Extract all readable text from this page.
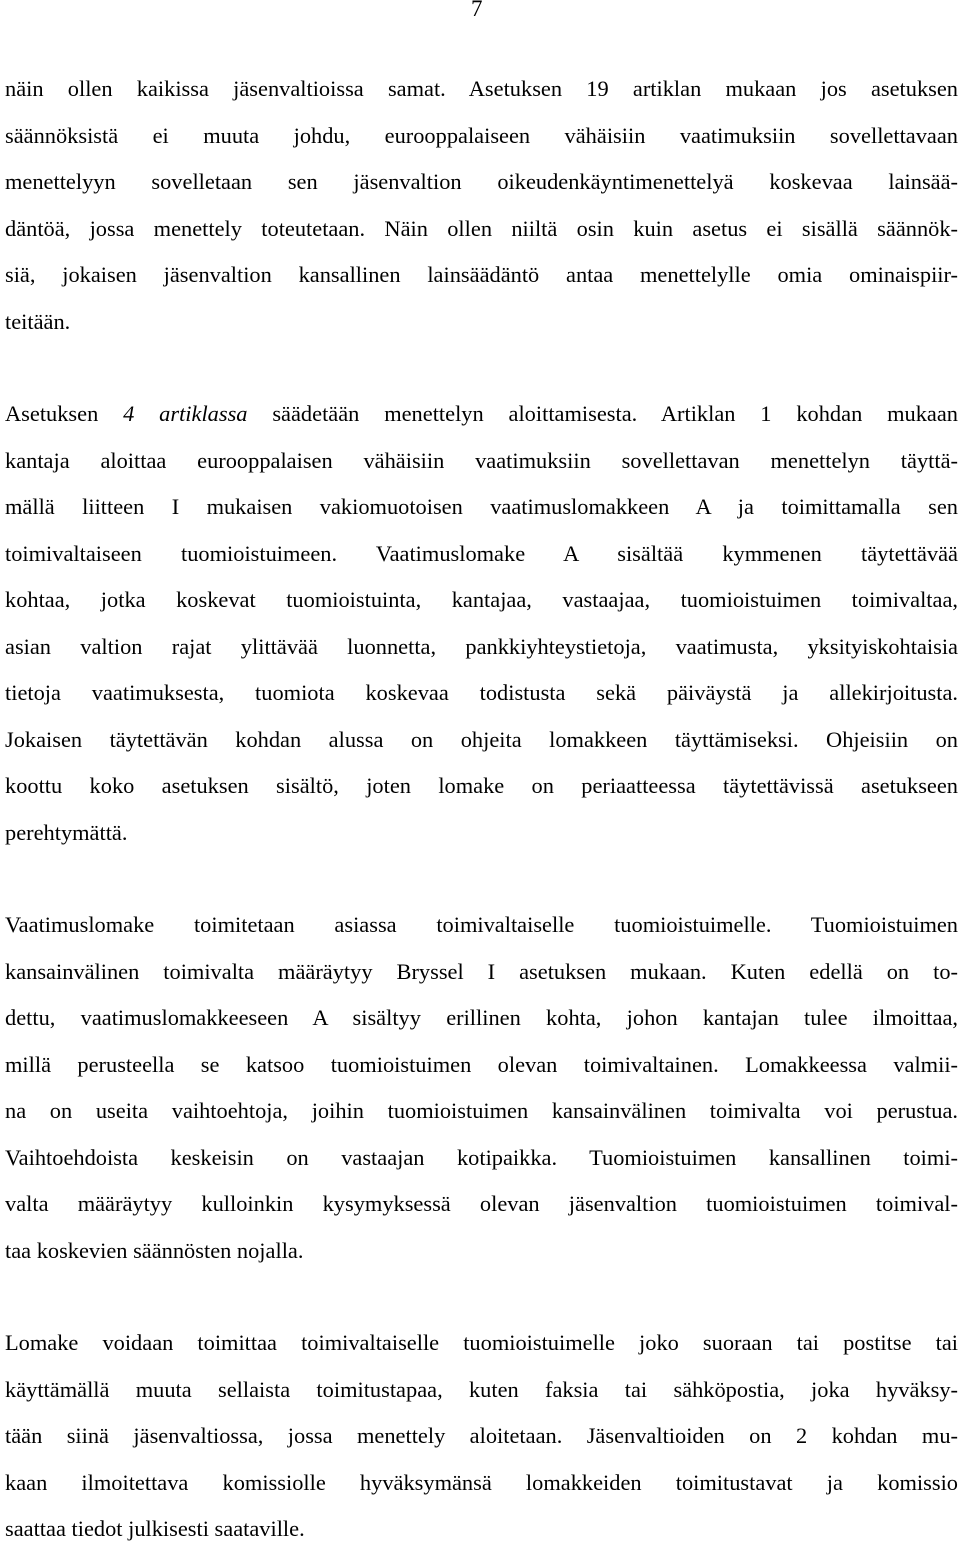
7
näin ollen kaikissa jäsenvaltioissa samat. Asetuksen 19 artiklan mukaan jos asetuksen
säännöksistä ei muuta johdu, eurooppalaiseen vähäisiin vaatimuksiin sovellettavaan
menettelyyn sovelletaan sen jäsenvaltion oikeudenkäyntimenettelyä koskevaa lainsää-
däntöä, jossa menettely toteutetaan. Näin ollen niiltä osin kuin asetus ei sisällä säännök-
siä, jokaisen jäsenvaltion kansallinen lainsäädäntö antaa menettelylle omia ominaispiir-
teitään.
Asetuksen 4 artiklassa säädetään menettelyn aloittamisesta. Artiklan 1 kohdan mukaan
kantaja aloittaa eurooppalaisen vähäisiin vaatimuksiin sovellettavan menettelyn täyttä-
mällä liitteen I mukaisen vakiomuotoisen vaatimuslomakkeen A ja toimittamalla sen
toimivaltaiseen tuomioistuimeen. Vaatimuslomake A sisältää kymmenen täytettävää
kohtaa, jotka koskevat tuomioistuinta, kantajaa, vastaajaa, tuomioistuimen toimivaltaa,
asian valtion rajat ylittävää luonnetta, pankkiyhteystietoja, vaatimusta, yksityiskohtaisia
tietoja vaatimuksesta, tuomiota koskevaa todistusta sekä päiväystä ja allekirjoitusta.
Jokaisen täytettävän kohdan alussa on ohjeita lomakkeen täyttämiseksi. Ohjeisiin on
koottu koko asetuksen sisältö, joten lomake on periaatteessa täytettävissä asetukseen
perehtymättä.
Vaatimuslomake toimitetaan asiassa toimivaltaiselle tuomioistuimelle. Tuomioistuimen
kansainvälinen toimivalta määräytyy Bryssel I asetuksen mukaan. Kuten edellä on to-
dettu, vaatimuslomakkeeseen A sisältyy erillinen kohta, johon kantajan tulee ilmoittaa,
millä perusteella se katsoo tuomioistuimen olevan toimivaltainen. Lomakkeessa valmii-
na on useita vaihtoehtoja, joihin tuomioistuimen kansainvälinen toimivalta voi perustua.
Vaihtoehdoista keskeisin on vastaajan kotipaikka. Tuomioistuimen kansallinen toimi-
valta määräytyy kulloinkin kysymyksessä olevan jäsenvaltion tuomioistuimen toimival-
taa koskevien säännösten nojalla.
Lomake voidaan toimittaa toimivaltaiselle tuomioistuimelle joko suoraan tai postitse tai
käyttämällä muuta sellaista toimitustapaa, kuten faksia tai sähköpostia, joka hyväksy-
tään siinä jäsenvaltiossa, jossa menettely aloitetaan. Jäsenvaltioiden on 2 kohdan mu-
kaan ilmoitettava komissiolle hyväksymänsä lomakkeiden toimitustavat ja komissio
saattaa tiedot julkisesti saataville.
